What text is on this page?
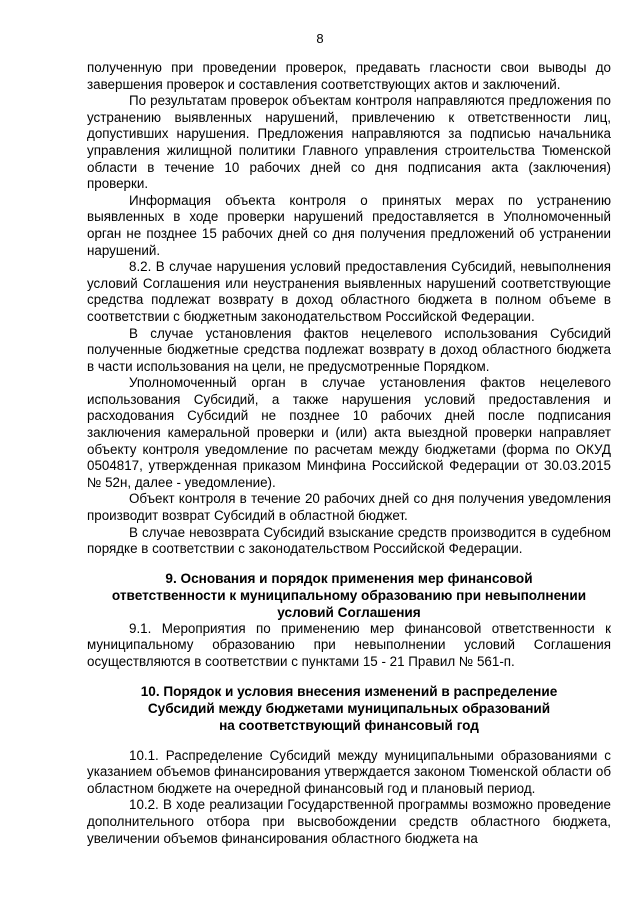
8

полученную при проведении проверок, предавать гласности свои выводы до завершения проверок и составления соответствующих актов и заключений.

По результатам проверок объектам контроля направляются предложения по устранению выявленных нарушений, привлечению к ответственности лиц, допустивших нарушения. Предложения направляются за подписью начальника управления жилищной политики Главного управления строительства Тюменской области в течение 10 рабочих дней со дня подписания акта (заключения) проверки.

Информация объекта контроля о принятых мерах по устранению выявленных в ходе проверки нарушений предоставляется в Уполномоченный орган не позднее 15 рабочих дней со дня получения предложений об устранении нарушений.

8.2. В случае нарушения условий предоставления Субсидий, невыполнения условий Соглашения или неустранения выявленных нарушений соответствующие средства подлежат возврату в доход областного бюджета в полном объеме в соответствии с бюджетным законодательством Российской Федерации.

В случае установления фактов нецелевого использования Субсидий полученные бюджетные средства подлежат возврату в доход областного бюджета в части использования на цели, не предусмотренные Порядком.

Уполномоченный орган в случае установления фактов нецелевого использования Субсидий, а также нарушения условий предоставления и расходования Субсидий не позднее 10 рабочих дней после подписания заключения камеральной проверки и (или) акта выездной проверки направляет объекту контроля уведомление по расчетам между бюджетами (форма по ОКУД 0504817, утвержденная приказом Минфина Российской Федерации от 30.03.2015 № 52н, далее - уведомление).

Объект контроля в течение 20 рабочих дней со дня получения уведомления производит возврат Субсидий в областной бюджет.

В случае невозврата Субсидий взыскание средств производится в судебном порядке в соответствии с законодательством Российской Федерации.

9. Основания и порядок применения мер финансовой
ответственности к муниципальному образованию при невыполнении
условий Соглашения

9.1. Мероприятия по применению мер финансовой ответственности к муниципальному образованию при невыполнении условий Соглашения осуществляются в соответствии с пунктами 15 - 21 Правил № 561-п.

10. Порядок и условия внесения изменений в распределение
Субсидий между бюджетами муниципальных образований
на соответствующий финансовый год

10.1. Распределение Субсидий между муниципальными образованиями с указанием объемов финансирования утверждается законом Тюменской области об областном бюджете на очередной финансовый год и плановый период.

10.2. В ходе реализации Государственной программы возможно проведение дополнительного отбора при высвобождении средств областного бюджета, увеличении объемов финансирования областного бюджета на
